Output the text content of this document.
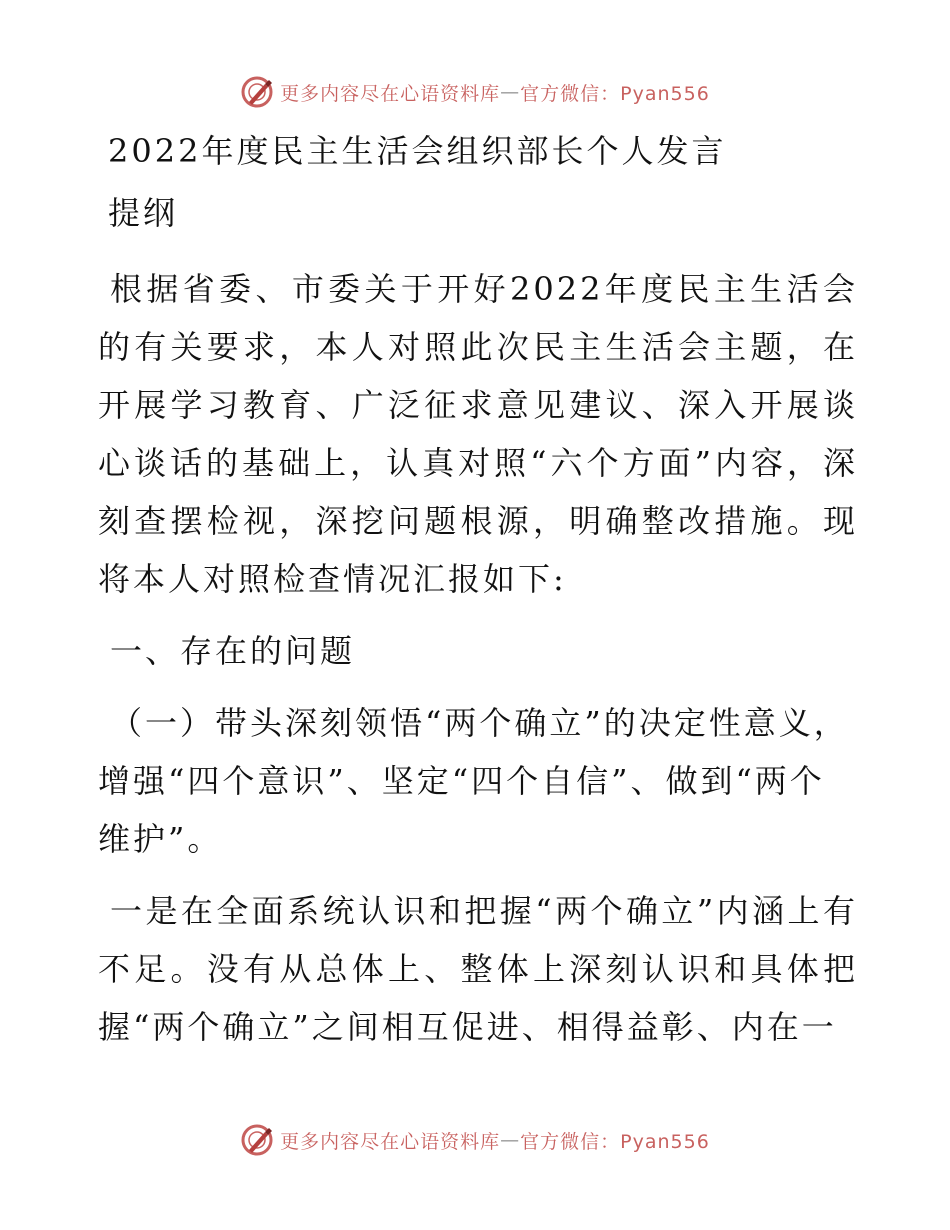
更多内容尽在心语资料库 — 官方微信：Pyan556

2022年度民主生活会组织部长个人发言

提纲

根据省委、市委关于开好2022年度民主生活会的有关要求，本人对照此次民主生活会主题，在开展学习教育、广泛征求意见建议、深入开展谈心谈话的基础上，认真对照“六个方面”内容，深刻查摆检视，深挖问题根源，明确整改措施。现将本人对照检查情况汇报如下:

一、存在的问题

（一）带头深刻领悟“两个确立”的决定性意义，增强“四个意识”、坚定“四个自信”、做到“两个维护”。

一是在全面系统认识和把握“两个确立”内涵上有不足。没有从总体上、整体上深刻认识和具体把握“两个确立”之间相互促进、相得益彰、内在一

更多内容尽在心语资料库 — 官方微信：Pyan556
